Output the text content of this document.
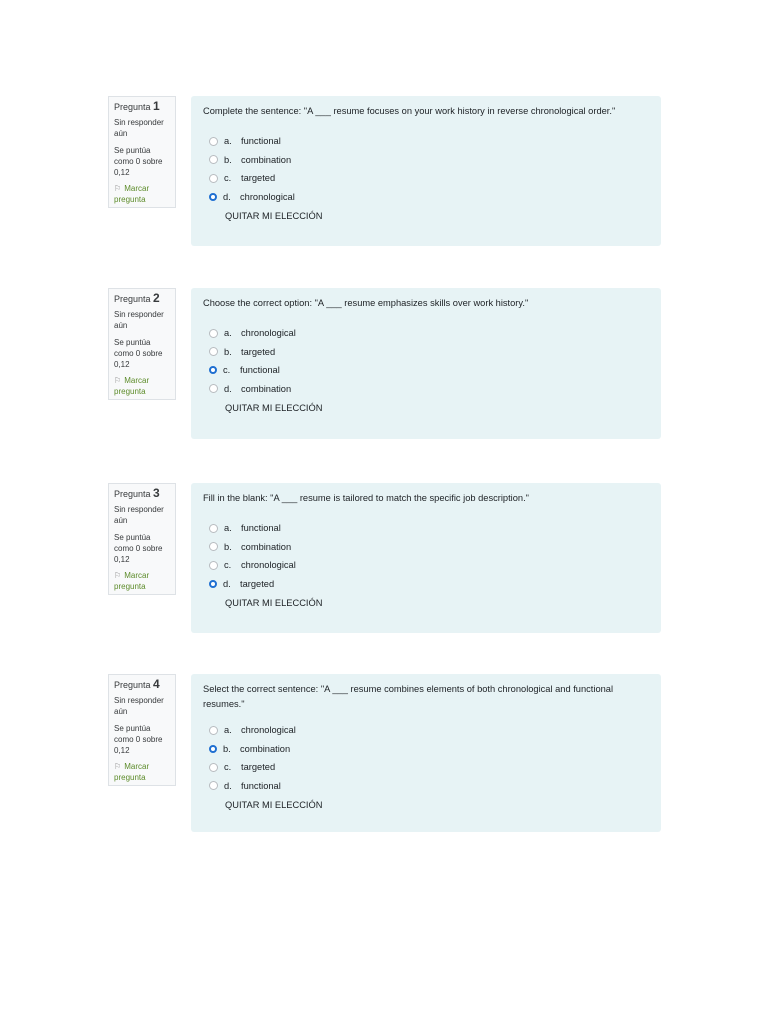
Pregunta 1
Sin responder aún
Se puntúa como 0 sobre 0,12
⚐ Marcar pregunta
Complete the sentence: "A ___ resume focuses on your work history in reverse chronological order."
a. functional
b. combination
c.	targeted
d. chronological
QUITAR MI ELECCIÓN
Pregunta 2
Sin responder aún
Se puntúa como 0 sobre 0,12
⚐ Marcar pregunta
Choose the correct option: "A ___ resume emphasizes skills over work history."
a. chronological
b. targeted
c.	functional
d. combination
QUITAR MI ELECCIÓN
Pregunta 3
Sin responder aún
Se puntúa como 0 sobre 0,12
⚐ Marcar pregunta
Fill in the blank: "A ___ resume is tailored to match the specific job description."
a. functional
b. combination
c.	chronological
d. targeted
QUITAR MI ELECCIÓN
Pregunta 4
Sin responder aún
Se puntúa como 0 sobre 0,12
⚐ Marcar pregunta
Select the correct sentence: "A ___ resume combines elements of both chronological and functional resumes."
a. chronological
b. combination
c.	targeted
d. functional
QUITAR MI ELECCIÓN
